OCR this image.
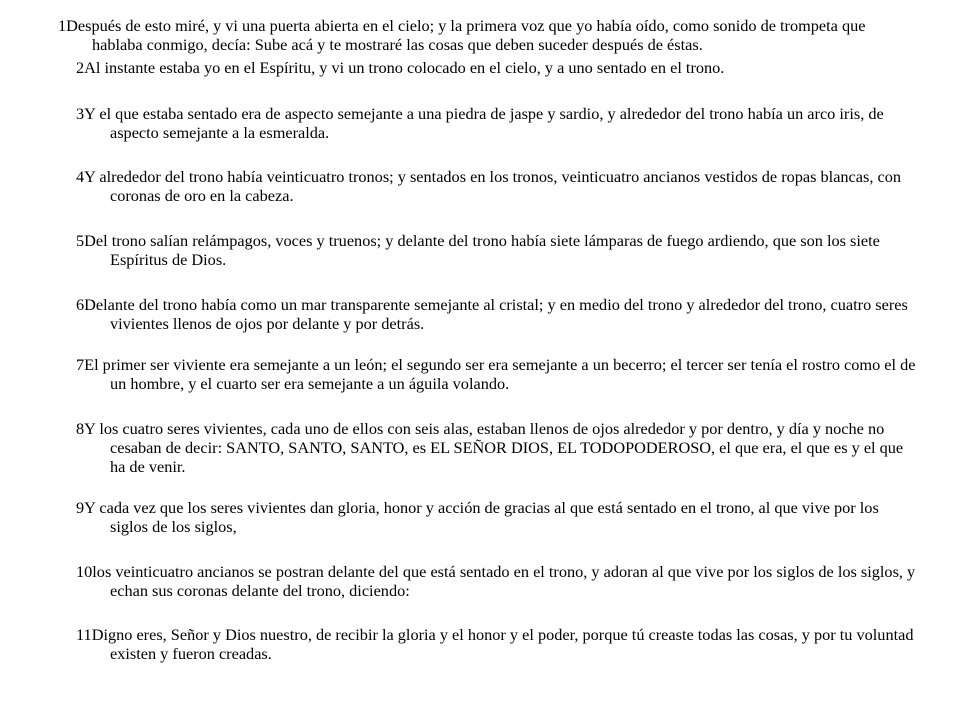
1Después de esto miré, y vi una puerta abierta en el cielo; y la primera voz que yo había oído, como sonido de trompeta que hablaba conmigo, decía: Sube acá y te mostraré las cosas que deben suceder después de éstas.

2Al instante estaba yo en el Espíritu, y vi un trono colocado en el cielo, y a uno sentado en el trono.

3Y el que estaba sentado era de aspecto semejante a una piedra de jaspe y sardio, y alrededor del trono había un arco iris, de aspecto semejante a la esmeralda.

4Y alrededor del trono había veinticuatro tronos; y sentados en los tronos, veinticuatro ancianos vestidos de ropas blancas, con coronas de oro en la cabeza.

5Del trono salían relámpagos, voces y truenos; y delante del trono había siete lámparas de fuego ardiendo, que son los siete Espíritus de Dios.

6Delante del trono había como un mar transparente semejante al cristal; y en medio del trono y alrededor del trono, cuatro seres vivientes llenos de ojos por delante y por detrás.

7El primer ser viviente era semejante a un león; el segundo ser era semejante a un becerro; el tercer ser tenía el rostro como el de un hombre, y el cuarto ser era semejante a un águila volando.

8Y los cuatro seres vivientes, cada uno de ellos con seis alas, estaban llenos de ojos alrededor y por dentro, y día y noche no cesaban de decir: SANTO, SANTO, SANTO, es EL SEÑOR DIOS, EL TODOPODEROSO, el que era, el que es y el que ha de venir.

9Y cada vez que los seres vivientes dan gloria, honor y acción de gracias al que está sentado en el trono, al que vive por los siglos de los siglos,

10los veinticuatro ancianos se postran delante del que está sentado en el trono, y adoran al que vive por los siglos de los siglos, y echan sus coronas delante del trono, diciendo:

11Digno eres, Señor y Dios nuestro, de recibir la gloria y el honor y el poder, porque tú creaste todas las cosas, y por tu voluntad existen y fueron creadas.
